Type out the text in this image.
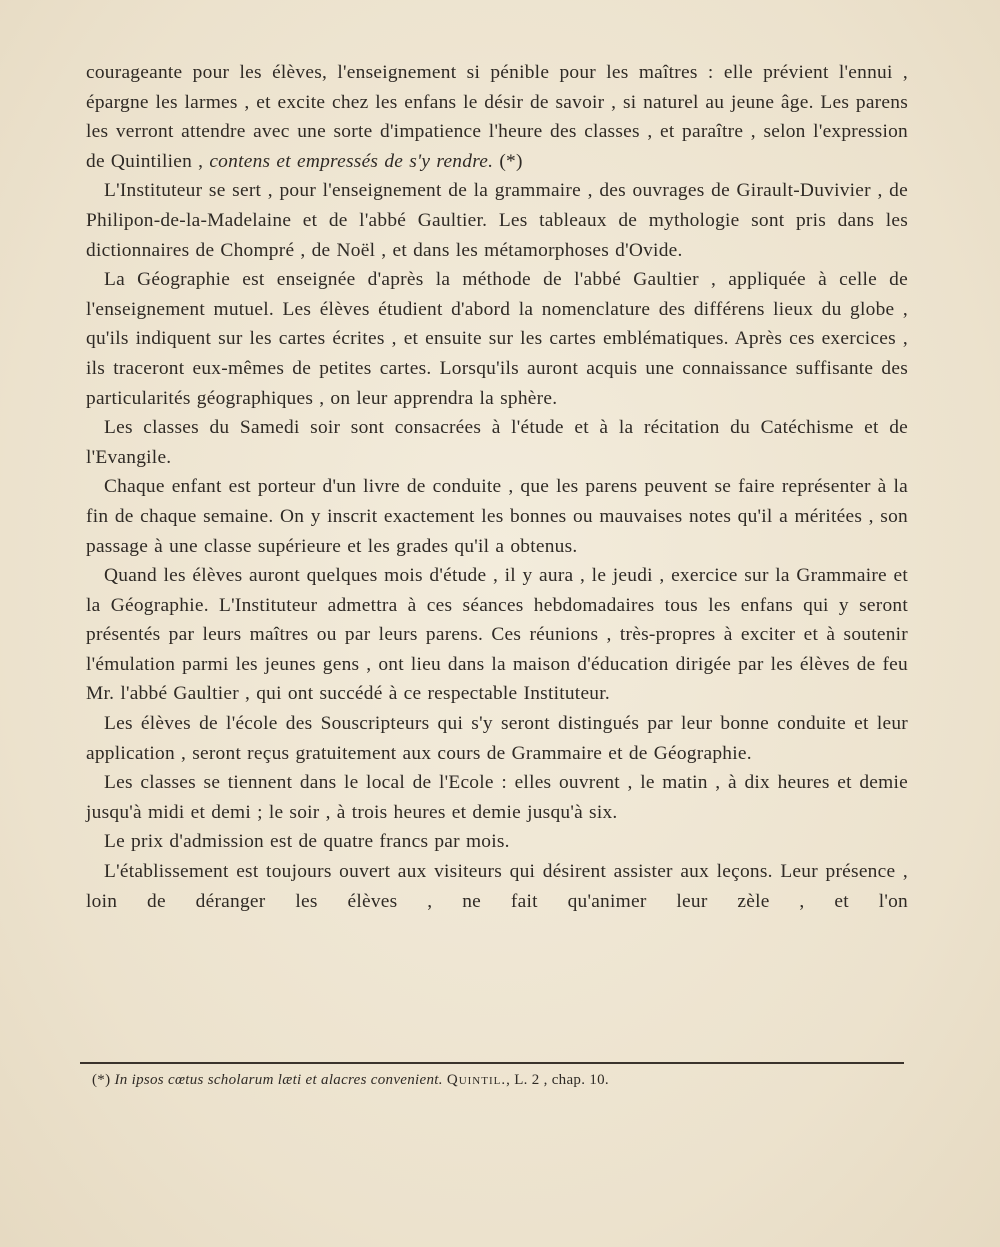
courageante pour les élèves, l'enseignement si pénible pour les maîtres : elle prévient l'ennui , épargne les larmes , et excite chez les enfans le désir de savoir , si naturel au jeune âge. Les parens les verront attendre avec une sorte d'impatience l'heure des classes , et paraître , selon l'expression de Quintilien , contens et empressés de s'y rendre. (*)

L'Instituteur se sert , pour l'enseignement de la grammaire , des ouvrages de Girault-Duvivier , de Philipon-de-la-Madelaine et de l'abbé Gaultier. Les tableaux de mythologie sont pris dans les dictionnaires de Chompré , de Noël , et dans les métamorphoses d'Ovide.

La Géographie est enseignée d'après la méthode de l'abbé Gaultier , appliquée à celle de l'enseignement mutuel. Les élèves étudient d'abord la nomenclature des différens lieux du globe , qu'ils indiquent sur les cartes écrites , et ensuite sur les cartes emblématiques. Après ces exercices , ils traceront eux-mêmes de petites cartes. Lorsqu'ils auront acquis une connaissance suffisante des particularités géographiques , on leur apprendra la sphère.

Les classes du Samedi soir sont consacrées à l'étude et à la récitation du Catéchisme et de l'Evangile.

Chaque enfant est porteur d'un livre de conduite , que les parens peuvent se faire représenter à la fin de chaque semaine. On y inscrit exactement les bonnes ou mauvaises notes qu'il a méritées , son passage à une classe supérieure et les grades qu'il a obtenus.

Quand les élèves auront quelques mois d'étude , il y aura , le jeudi , exercice sur la Grammaire et la Géographie. L'Instituteur admettra à ces séances hebdomadaires tous les enfans qui y seront présentés par leurs maîtres ou par leurs parens. Ces réunions , très-propres à exciter et à soutenir l'émulation parmi les jeunes gens , ont lieu dans la maison d'éducation dirigée par les élèves de feu Mr. l'abbé Gaultier , qui ont succédé à ce respectable Instituteur.

Les élèves de l'école des Souscripteurs qui s'y seront distingués par leur bonne conduite et leur application , seront reçus gratuitement aux cours de Grammaire et de Géographie.

Les classes se tiennent dans le local de l'Ecole : elles ouvrent , le matin , à dix heures et demie jusqu'à midi et demi ; le soir , à trois heures et demie jusqu'à six.

Le prix d'admission est de quatre francs par mois.

L'établissement est toujours ouvert aux visiteurs qui désirent assister aux leçons. Leur présence , loin de déranger les élèves , ne fait qu'animer leur zèle , et l'on

(*) In ipsos cœtus scholarum læti et alacres convenient. Quintil., L. 2 , chap. 10.
